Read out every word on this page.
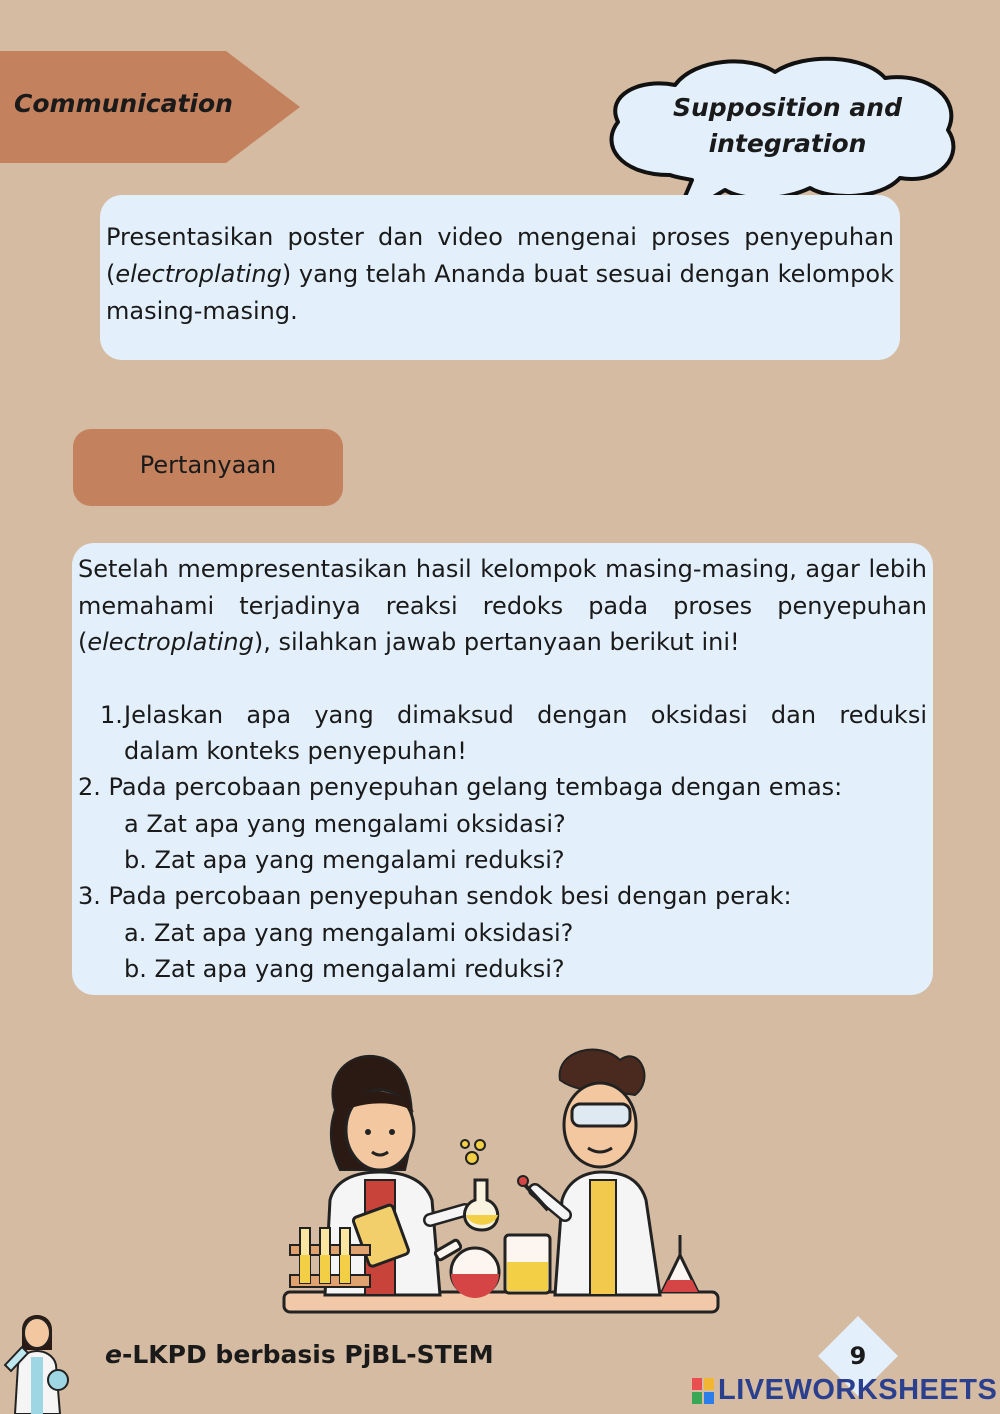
Communication	Supposition and integration
Presentasikan poster dan video mengenai proses penyepuhan (electroplating) yang telah Ananda buat sesuai dengan kelompok masing-masing.
Pertanyaan
Setelah mempresentasikan hasil kelompok masing-masing, agar lebih memahami terjadinya reaksi redoks pada proses penyepuhan (electroplating), silahkan jawab pertanyaan berikut ini!
1. Jelaskan apa yang dimaksud dengan oksidasi dan reduksi
dalam konteks penyepuhan!
2. Pada percobaan penyepuhan gelang tembaga dengan emas:
a Zat apa yang mengalami oksidasi?
b. Zat apa yang mengalami reduksi?
3. Pada percobaan penyepuhan sendok besi dengan perak:
a. Zat apa yang mengalami oksidasi?
b. Zat apa yang mengalami reduksi?
e-LKPD berbasis PjBL-STEM	9
LIVEWORKSHEETS
